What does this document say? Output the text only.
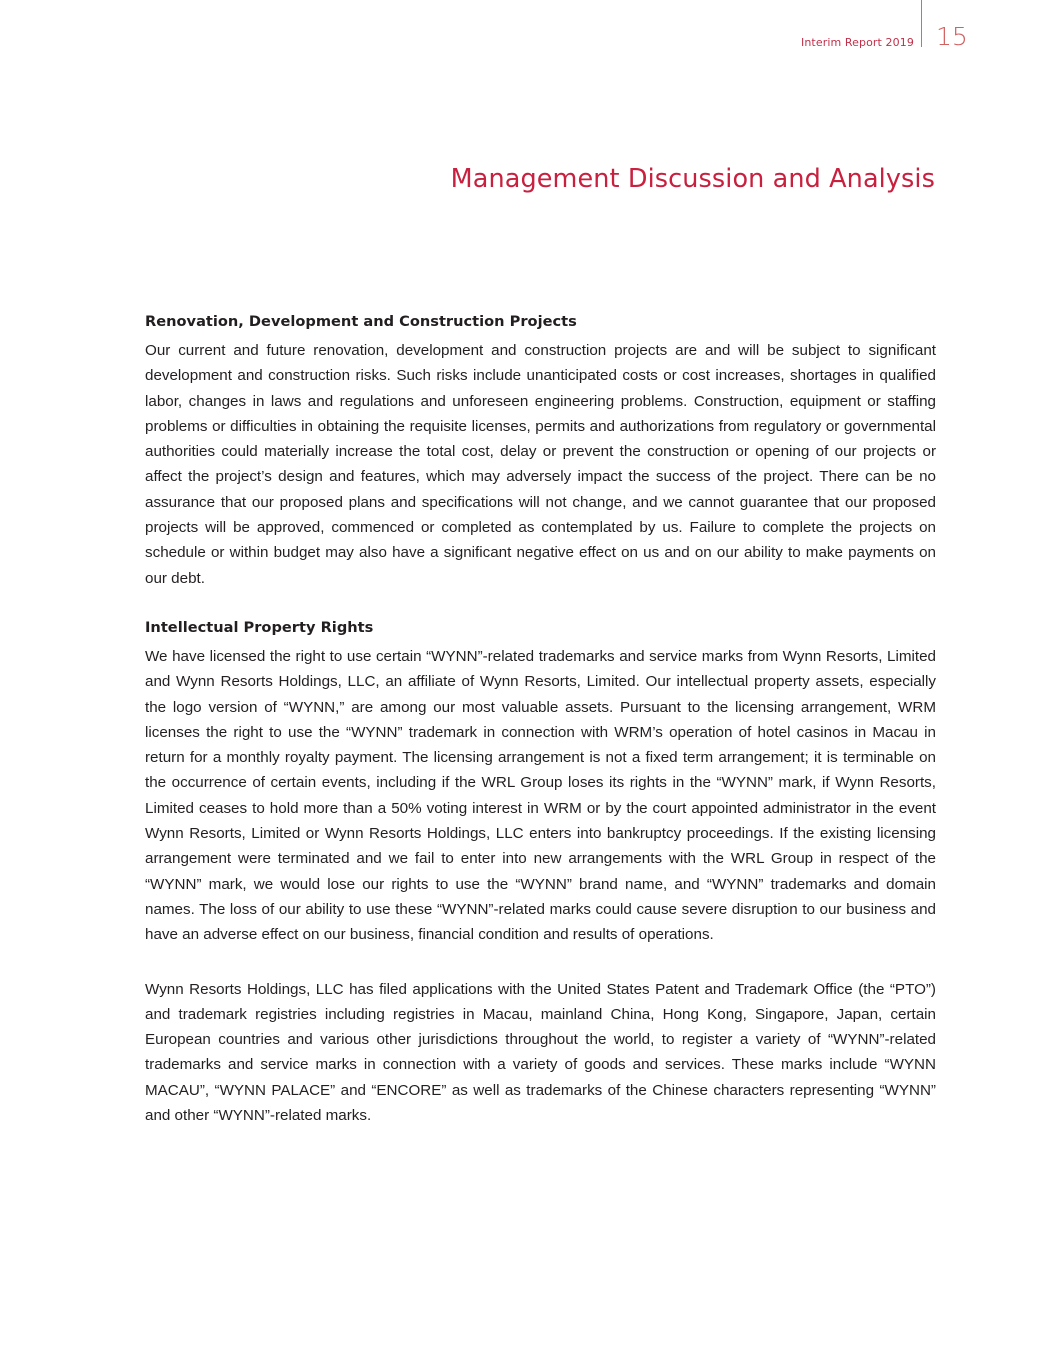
Interim Report 2019 15
Management Discussion and Analysis
Renovation, Development and Construction Projects

Our current and future renovation, development and construction projects are and will be subject to significant development and construction risks. Such risks include unanticipated costs or cost increases, shortages in qualified labor, changes in laws and regulations and unforeseen engineering problems. Construction, equipment or staffing problems or difficulties in obtaining the requisite licenses, permits and authorizations from regulatory or governmental authorities could materially increase the total cost, delay or prevent the construction or opening of our projects or affect the project’s design and features, which may adversely impact the success of the project. There can be no assurance that our proposed plans and specifications will not change, and we cannot guarantee that our proposed projects will be approved, commenced or completed as contemplated by us. Failure to complete the projects on schedule or within budget may also have a significant negative effect on us and on our ability to make payments on our debt.

Intellectual Property Rights

We have licensed the right to use certain “WYNN”-related trademarks and service marks from Wynn Resorts, Limited and Wynn Resorts Holdings, LLC, an affiliate of Wynn Resorts, Limited. Our intellectual property assets, especially the logo version of “WYNN,” are among our most valuable assets. Pursuant to the licensing arrangement, WRM licenses the right to use the “WYNN” trademark in connection with WRM’s operation of hotel casinos in Macau in return for a monthly royalty payment. The licensing arrangement is not a fixed term arrangement; it is terminable on the occurrence of certain events, including if the WRL Group loses its rights in the “WYNN” mark, if Wynn Resorts, Limited ceases to hold more than a 50% voting interest in WRM or by the court appointed administrator in the event Wynn Resorts, Limited or Wynn Resorts Holdings, LLC enters into bankruptcy proceedings. If the existing licensing arrangement were terminated and we fail to enter into new arrangements with the WRL Group in respect of the “WYNN” mark, we would lose our rights to use the “WYNN” brand name, and “WYNN” trademarks and domain names. The loss of our ability to use these “WYNN”-related marks could cause severe disruption to our business and have an adverse effect on our business, financial condition and results of operations.

Wynn Resorts Holdings, LLC has filed applications with the United States Patent and Trademark Office (the “PTO”) and trademark registries including registries in Macau, mainland China, Hong Kong, Singapore, Japan, certain European countries and various other jurisdictions throughout the world, to register a variety of “WYNN”-related trademarks and service marks in connection with a variety of goods and services. These marks include “WYNN MACAU”, “WYNN PALACE” and “ENCORE” as well as trademarks of the Chinese characters representing “WYNN” and other “WYNN”-related marks.
